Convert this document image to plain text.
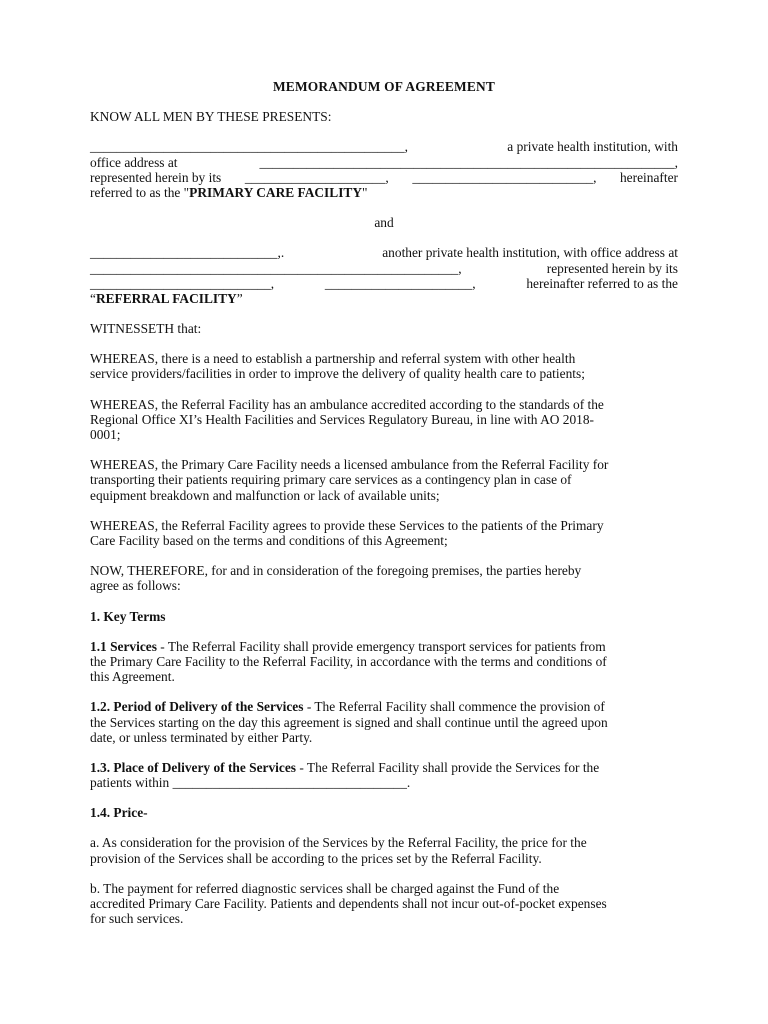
MEMORANDUM OF AGREEMENT
KNOW ALL MEN BY THESE PRESENTS:
_______________________________________________,	a private health institution, with
office address at	______________________________________________________________,
represented herein by its _____________________, ___________________________, hereinafter
referred to as the " PRIMARY CARE FACILITY "
and
____________________________,.	another private health institution, with office address at
_______________________________________________________,	represented herein by its
___________________________,	______________________,	hereinafter referred to as the
“ REFERRAL FACILITY ”
WITNESSETH that:
WHEREAS, there is a need to establish a partnership and referral system with other health
service providers/facilities in order to improve the delivery of quality health care to patients;
WHEREAS, the Referral Facility has an ambulance accredited according to the standards of the
Regional Office XI’s Health Facilities and Services Regulatory Bureau, in line with AO 2018-
0001;
WHEREAS, the Primary Care Facility needs a licensed ambulance from the Referral Facility for
transporting their patients requiring primary care services as a contingency plan in case of
equipment breakdown and malfunction or lack of available units;
WHEREAS, the Referral Facility agrees to provide these Services to the patients of the Primary
Care Facility based on the terms and conditions of this Agreement;
NOW, THEREFORE, for and in consideration of the foregoing premises, the parties hereby
agree as follows:
1. Key Terms
1.1 Services - The Referral Facility shall provide emergency transport services for patients from
the Primary Care Facility to the Referral Facility, in accordance with the terms and conditions of
this Agreement.
1.2. Period of Delivery of the Services - The Referral Facility shall commence the provision of
the Services starting on the day this agreement is signed and shall continue until the agreed upon
date, or unless terminated by either Party.
1.3. Place of Delivery of the Services - The Referral Facility shall provide the Services for the
patients within ___________________________________.
1.4. Price-
a. As consideration for the provision of the Services by the Referral Facility, the price for the
provision of the Services shall be according to the prices set by the Referral Facility.
b. The payment for referred diagnostic services shall be charged against the Fund of the
accredited Primary Care Facility. Patients and dependents shall not incur out-of-pocket expenses
for such services.
